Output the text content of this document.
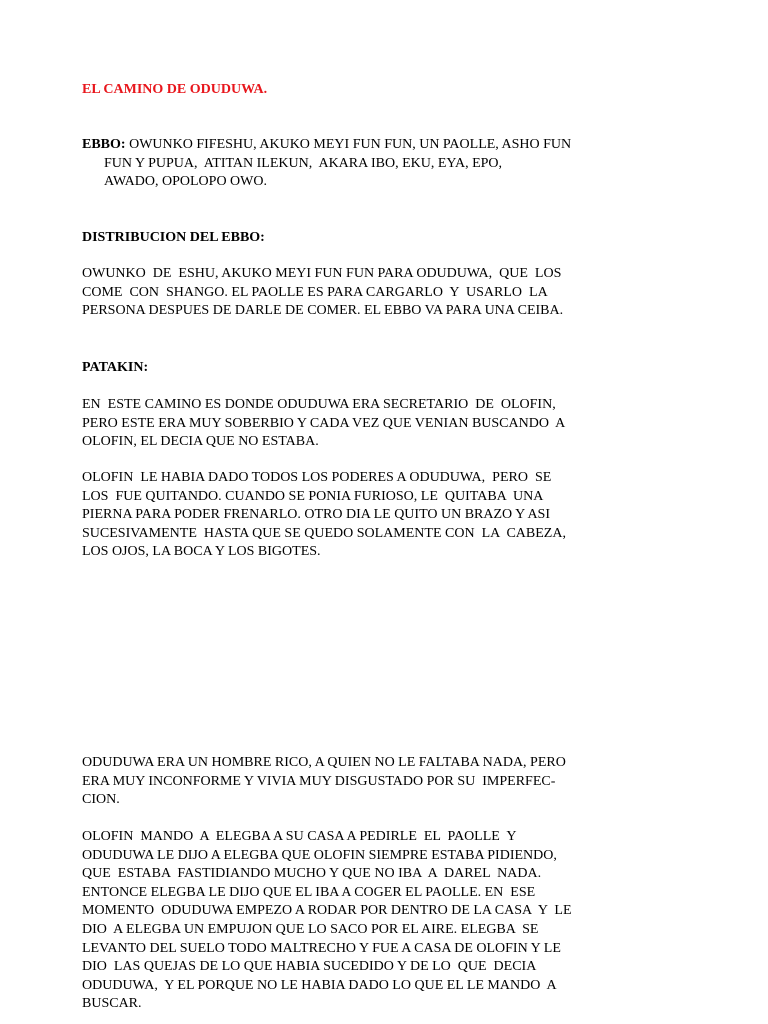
EL CAMINO DE ODUDUWA.

EBBO: OWUNKO FIFESHU, AKUKO MEYI FUN FUN, UN PAOLLE, ASHO FUN
FUN Y PUPUA,  ATITAN ILEKUN,  AKARA IBO, EKU, EYA, EPO,
AWADO, OPOLOPO OWO.

DISTRIBUCION DEL EBBO:

OWUNKO  DE  ESHU, AKUKO MEYI FUN FUN PARA ODUDUWA,  QUE  LOS
COME  CON  SHANGO. EL PAOLLE ES PARA CARGARLO  Y  USARLO  LA
PERSONA DESPUES DE DARLE DE COMER. EL EBBO VA PARA UNA CEIBA.

PATAKIN:

EN  ESTE CAMINO ES DONDE ODUDUWA ERA SECRETARIO  DE  OLOFIN,
PERO ESTE ERA MUY SOBERBIO Y CADA VEZ QUE VENIAN BUSCANDO  A
OLOFIN, EL DECIA QUE NO ESTABA.
OLOFIN  LE HABIA DADO TODOS LOS PODERES A ODUDUWA,  PERO  SE
LOS  FUE QUITANDO. CUANDO SE PONIA FURIOSO, LE  QUITABA  UNA
PIERNA PARA PODER FRENARLO. OTRO DIA LE QUITO UN BRAZO Y ASI
SUCESIVAMENTE  HASTA QUE SE QUEDO SOLAMENTE CON  LA  CABEZA,
LOS OJOS, LA BOCA Y LOS BIGOTES.
ODUDUWA ERA UN HOMBRE RICO, A QUIEN NO LE FALTABA NADA, PERO
ERA MUY INCONFORME Y VIVIA MUY DISGUSTADO POR SU  IMPERFEC-
CION.
OLOFIN  MANDO  A  ELEGBA A SU CASA A PEDIRLE  EL  PAOLLE  Y
ODUDUWA LE DIJO A ELEGBA QUE OLOFIN SIEMPRE ESTABA PIDIENDO,
QUE  ESTABA  FASTIDIANDO MUCHO Y QUE NO IBA  A  DAREL  NADA.
ENTONCE ELEGBA LE DIJO QUE EL IBA A COGER EL PAOLLE. EN  ESE
MOMENTO  ODUDUWA EMPEZO A RODAR POR DENTRO DE LA CASA  Y  LE
DIO  A ELEGBA UN EMPUJON QUE LO SACO POR EL AIRE. ELEGBA  SE
LEVANTO DEL SUELO TODO MALTRECHO Y FUE A CASA DE OLOFIN Y LE
DIO  LAS QUEJAS DE LO QUE HABIA SUCEDIDO Y DE LO  QUE  DECIA
ODUDUWA,  Y EL PORQUE NO LE HABIA DADO LO QUE EL LE MANDO  A
BUSCAR.
